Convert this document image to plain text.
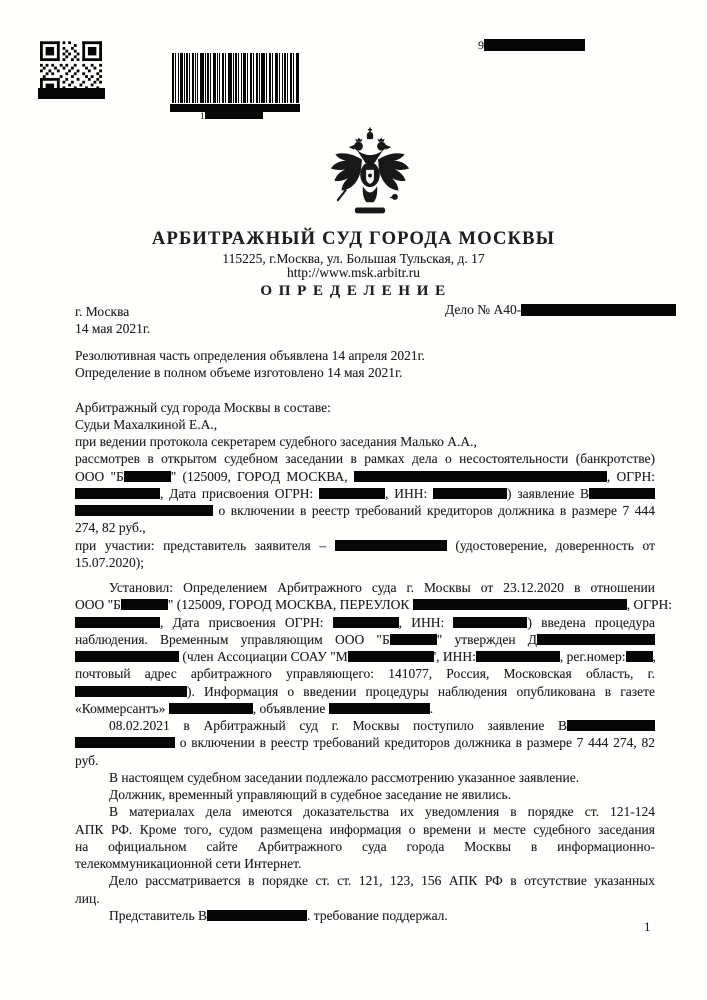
1
9
АРБИТРАЖНЫЙ СУД ГОРОДА МОСКВЫ
115225, г.Москва, ул. Большая Тульская, д. 17
http://www.msk.arbitr.ru
О П Р Е Д Е Л Е Н И Е
г. Москва	Дело № А40-
14 мая 2021г.
Резолютивная часть определения объявлена 14 апреля 2021г.
Определение в полном объеме изготовлено 14 мая 2021г.
Арбитражный суд города Москвы в составе:
Судьи Махалкиной Е.А.,
при ведении протокола секретарем судебного заседания Малько А.А.,
рассмотрев в открытом судебном заседании в рамках дела о несостоятельности (банкротстве)
ООО "Б	" (125009, ГОРОД МОСКВА,	, ОГРН:
, Дата присвоения ОГРН:	, ИНН:	) заявление В
о включении в реестр требований кредиторов должника в размере 7 444
274, 82 руб.,
при участии: представитель заявителя –	(удостоверение, доверенность от
15.07.2020);
Установил: Определением Арбитражного суда г. Москвы от 23.12.2020 в отношении
ООО "Б	" (125009, ГОРОД МОСКВА, ПЕРЕУЛОК	, ОГРН:
, Дата присвоения ОГРН:	, ИНН:	) введена процедура
наблюдения. Временным управляющим ООО "Б	" утвержден Д
(член Ассоциации СОАУ "М	', ИНН:	, рег.номер: ,
почтовый адрес арбитражного управляющего: 141077, Россия, Московская область, г.
). Информация о введении процедуры наблюдения опубликована в газете
«Коммерсантъ»	, объявление	.
08.02.2021 в Арбитражный суд г. Москвы поступило заявление В
о включении в реестр требований кредиторов должника в размере 7 444 274, 82
руб.
В настоящем судебном заседании подлежало рассмотрению указанное заявление.
Должник, временный управляющий в судебное заседание не явились.
В материалах дела имеются доказательства их уведомления в порядке ст. 121-124
АПК РФ. Кроме того, судом размещена информация о времени и месте судебного заседания
на официальном сайте Арбитражного суда города Москвы в информационно-
телекоммуникационной сети Интернет.
Дело рассматривается в порядке ст. ст. 121, 123, 156 АПК РФ в отсутствие указанных
лиц.
Представитель В	. требование поддержал.
1
